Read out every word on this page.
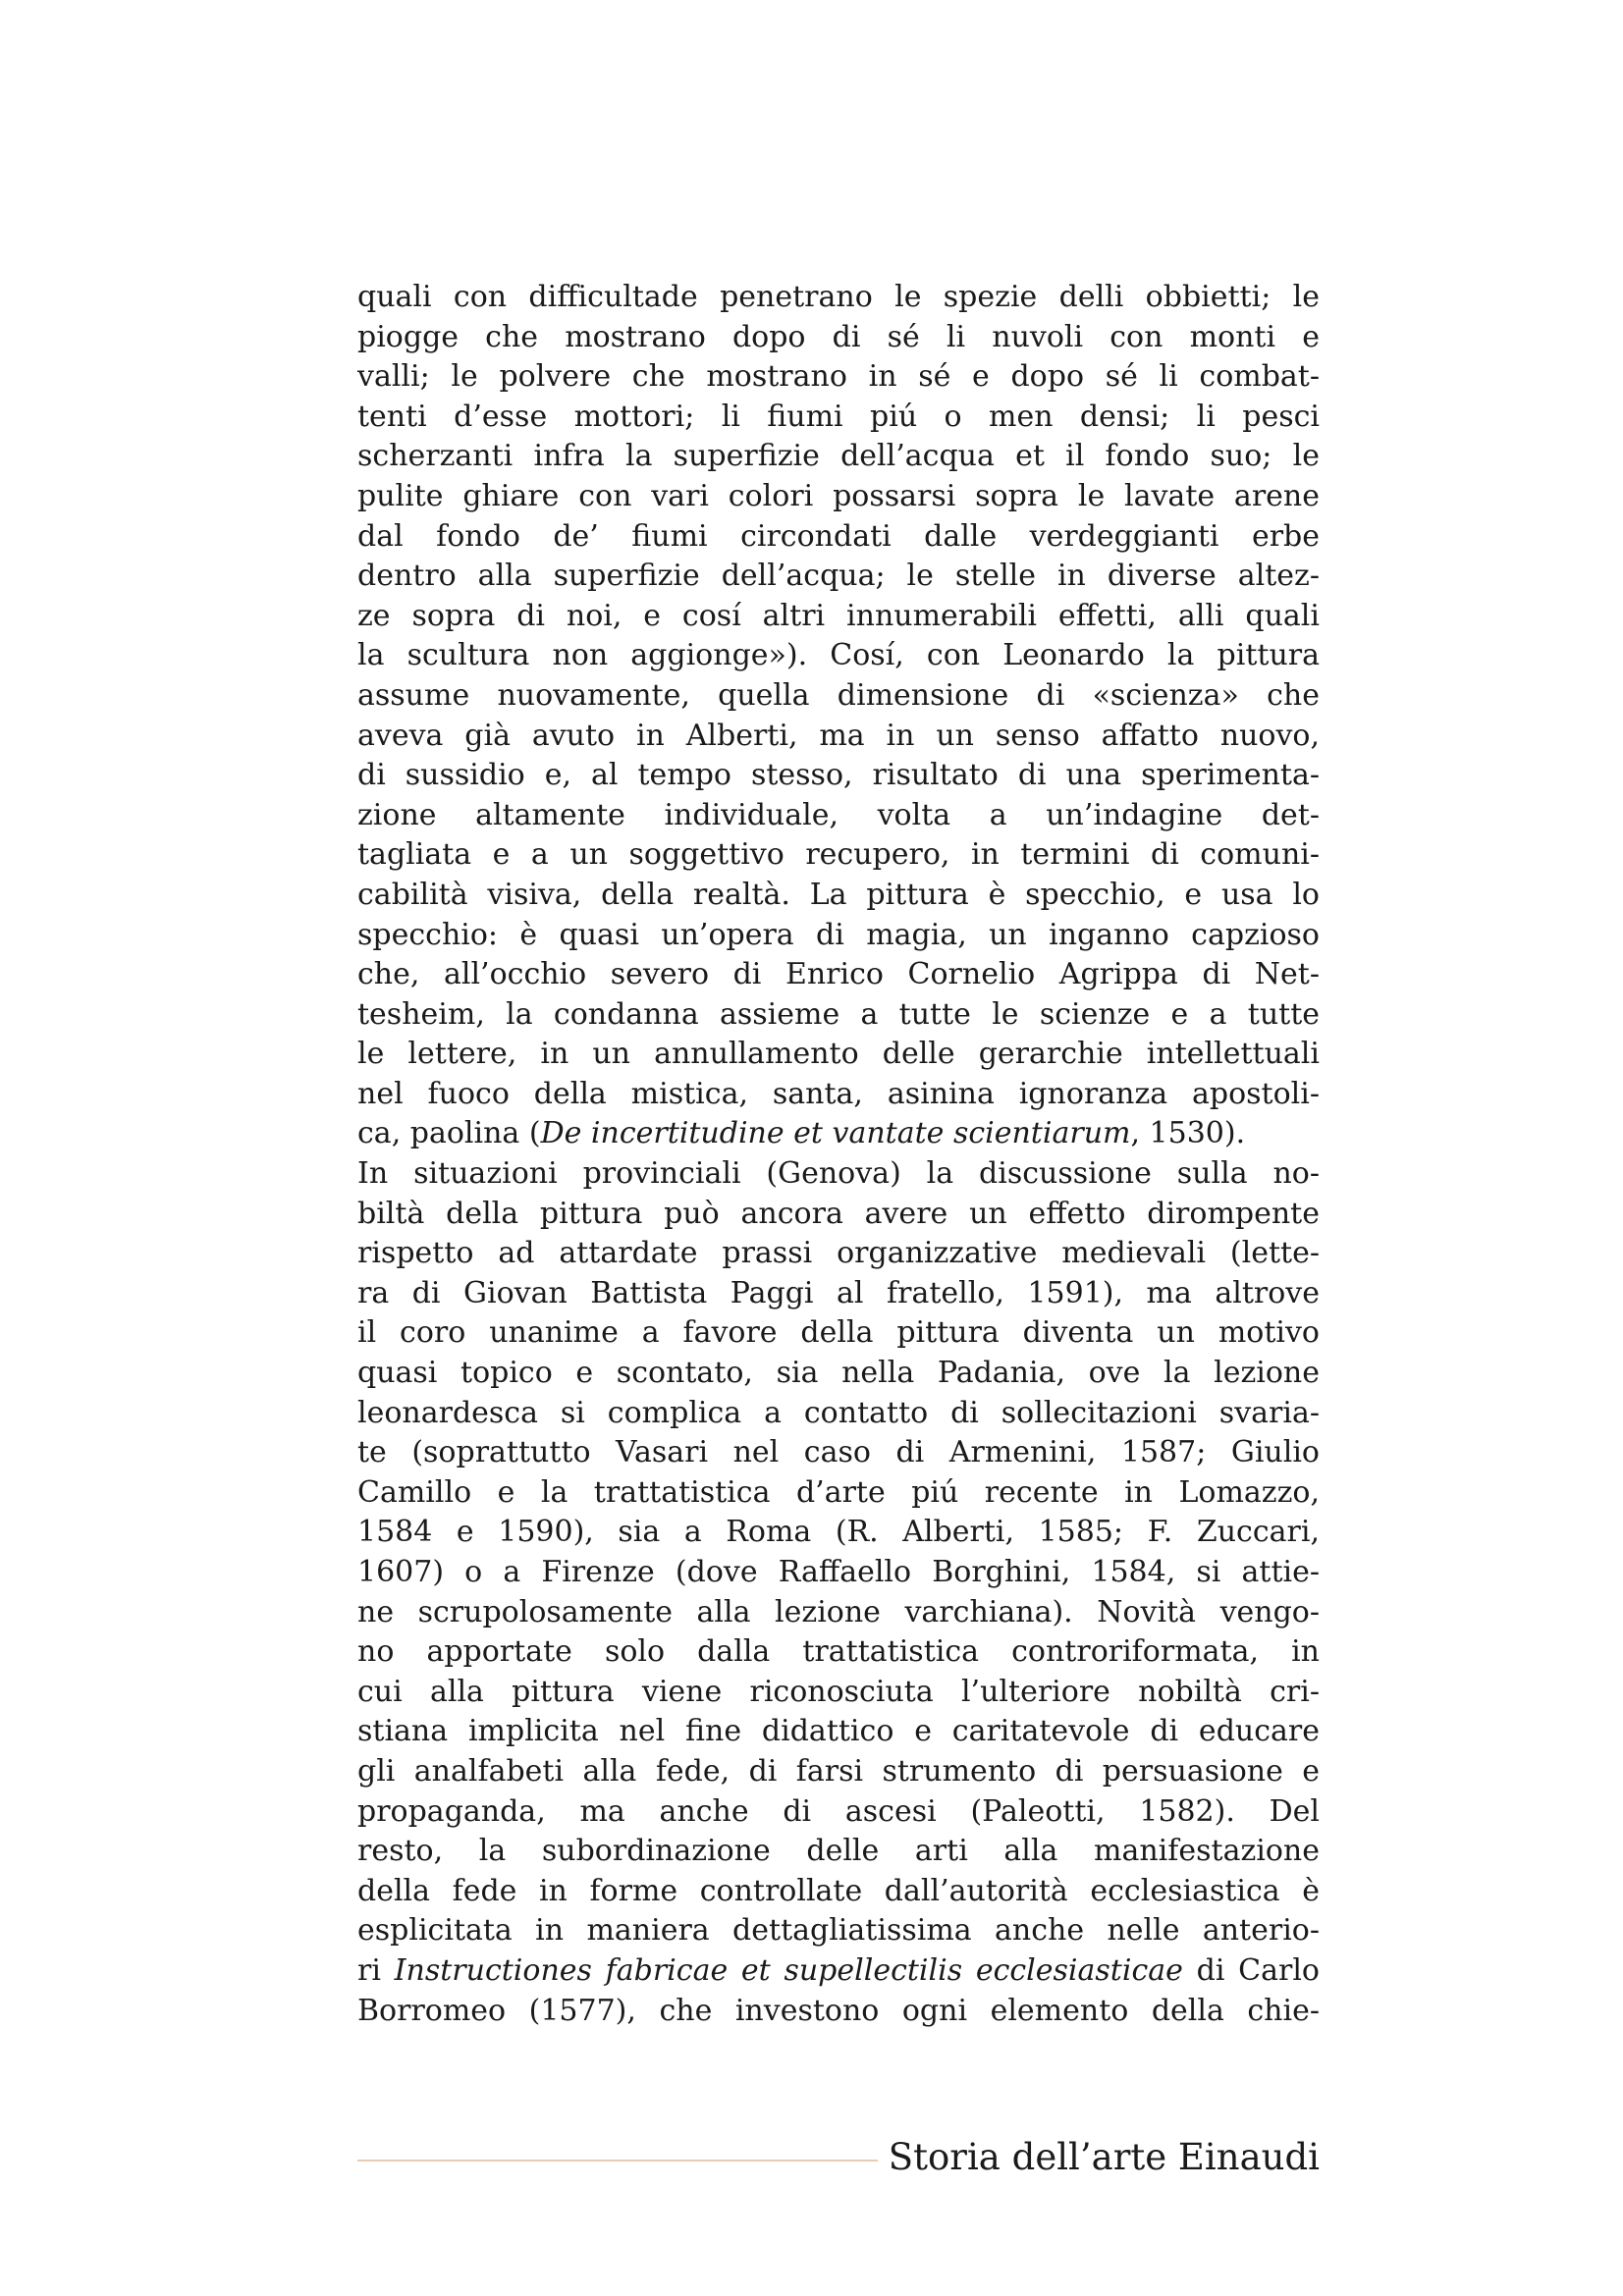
quali con difficultade penetrano le spezie delli obbietti; le
piogge che mostrano dopo di sé li nuvoli con monti e
valli; le polvere che mostrano in sé e dopo sé li combat-
tenti d’esse mottori; li fiumi piú o men densi; li pesci
scherzanti infra la superfizie dell’acqua et il fondo suo; le
pulite ghiare con vari colori possarsi sopra le lavate arene
dal fondo de’ fiumi circondati dalle verdeggianti erbe
dentro alla superfizie dell’acqua; le stelle in diverse altez-
ze sopra di noi, e cosí altri innumerabili effetti, alli quali
la scultura non aggionge»). Cosí, con Leonardo la pittura
assume nuovamente, quella dimensione di «scienza» che
aveva già avuto in Alberti, ma in un senso affatto nuovo,
di sussidio e, al tempo stesso, risultato di una sperimenta-
zione altamente individuale, volta a un’indagine det-
tagliata e a un soggettivo recupero, in termini di comuni-
cabilità visiva, della realtà. La pittura è specchio, e usa lo
specchio: è quasi un’opera di magia, un inganno capzioso
che, all’occhio severo di Enrico Cornelio Agrippa di Net-
tesheim, la condanna assieme a tutte le scienze e a tutte
le lettere, in un annullamento delle gerarchie intellettuali
nel fuoco della mistica, santa, asinina ignoranza apostoli-
ca, paolina (De incertitudine et vantate scientiarum, 1530).
In situazioni provinciali (Genova) la discussione sulla no-
biltà della pittura può ancora avere un effetto dirompente
rispetto ad attardate prassi organizzative medievali (lette-
ra di Giovan Battista Paggi al fratello, 1591), ma altrove
il coro unanime a favore della pittura diventa un motivo
quasi topico e scontato, sia nella Padania, ove la lezione
leonardesca si complica a contatto di sollecitazioni svaria-
te (soprattutto Vasari nel caso di Armenini, 1587; Giulio
Camillo e la trattatistica d’arte piú recente in Lomazzo,
1584 e 1590), sia a Roma (R. Alberti, 1585; F. Zuccari,
1607) o a Firenze (dove Raffaello Borghini, 1584, si attie-
ne scrupolosamente alla lezione varchiana). Novità vengo-
no apportate solo dalla trattatistica controriformata, in
cui alla pittura viene riconosciuta l’ulteriore nobiltà cri-
stiana implicita nel fine didattico e caritatevole di educare
gli analfabeti alla fede, di farsi strumento di persuasione e
propaganda, ma anche di ascesi (Paleotti, 1582). Del
resto, la subordinazione delle arti alla manifestazione
della fede in forme controllate dall’autorità ecclesiastica è
esplicitata in maniera dettagliatissima anche nelle anterio-
ri Instructiones fabricae et supellectilis ecclesiasticae di Carlo
Borromeo (1577), che investono ogni elemento della chie-
Storia dell’arte Einaudi
